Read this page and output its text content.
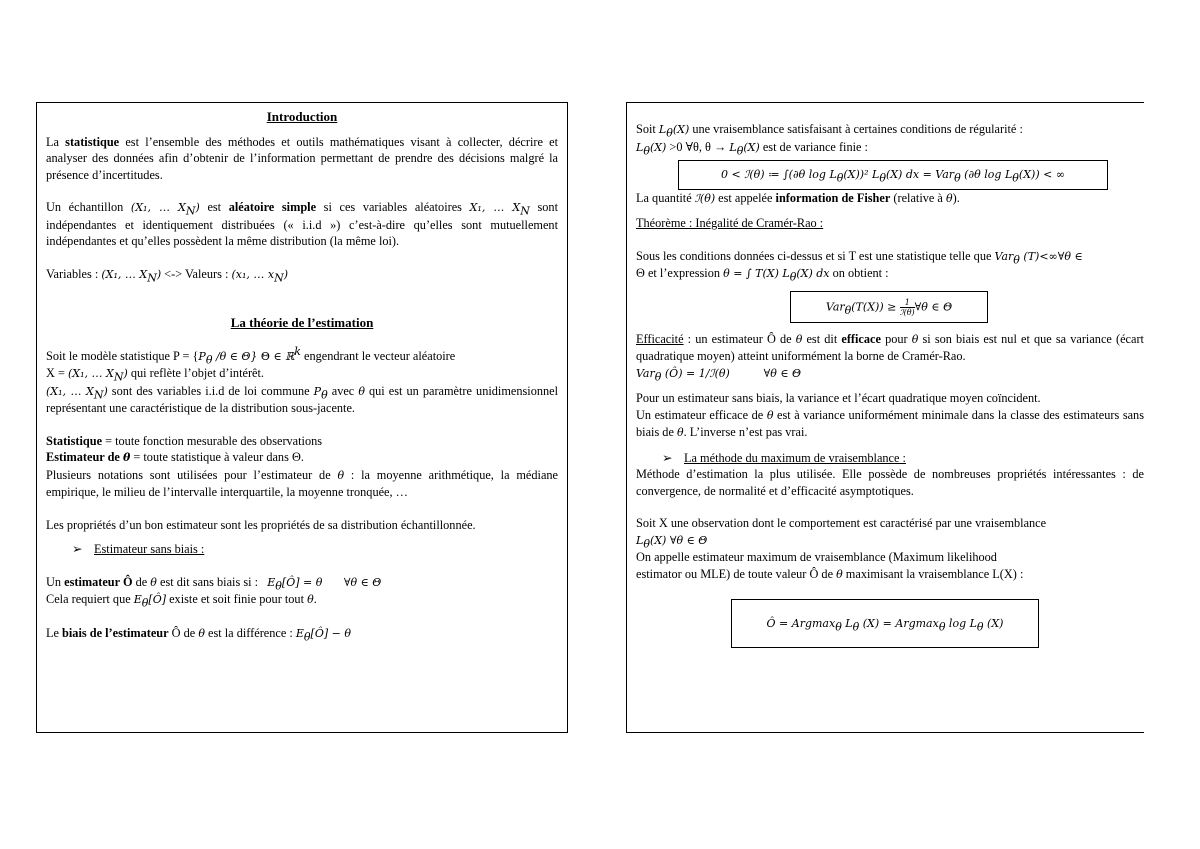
Introduction

La statistique est l’ensemble des méthodes et outils mathématiques visant à collecter, décrire et analyser des données afin d’obtenir de l’information permettant de prendre des décisions malgré la présence d’incertitudes.

Un échantillon (X₁, … $X_N$) est aléatoire simple si ces variables aléatoires X₁, … $X_N$ sont indépendantes et identiquement distribuées (« i.i.d ») c’est-à-dire qu’elles sont mutuellement indépendantes et qu’elles possèdent la même distribution (la même loi).

Variables : (X₁, … $X_N$) <-> Valeurs : (x₁, … $x_N$)

La théorie de l’estimation

Soit le modèle statistique $P = \{P_\theta$ /θ ∈ Θ} Θ ∈ ℝ$^k$ engendrant le vecteur aléatoire
X = (X₁, … $X_N$) qui reflète l’objet d’intérêt.
(X₁, … $X_N$) sont des variables i.i.d de loi commune $P_\theta$ avec θ qui est un paramètre unidimensionnel représentant une caractéristique de la distribution sous-jacente.

Statistique = toute fonction mesurable des observations

Estimateur de θ = toute statistique à valeur dans Θ.

Plusieurs notations sont utilisées pour l’estimateur de θ : la moyenne arithmétique, la médiane empirique, le milieu de l’intervalle interquartile, la moyenne tronquée, …

Les propriétés d’un bon estimateur sont les propriétés de sa distribution échantillonnée.

➢ Estimateur sans biais :

Un estimateur Ô de θ est dit sans biais si :   $E_\theta[Ô] = \theta$ ∀θ ∈ Θ

Cela requiert que $E_\theta[Ô]$ existe et soit finie pour tout θ.

Le biais de l’estimateur Ô de θ est la différence : $E_\theta[Ô] - \theta$

Soit $L_\theta(X)$ une vraisemblance satisfaisant à certaines conditions de régularité :

$L_\theta(X) >0$ ∀θ, $\theta \to L_\theta(X)$ est de variance finie :

0 < ℐ(θ) ≔ ∫(∂θ $\log L_\theta(X))^2$ $L_\theta(X)$ dx = Var$_\theta$ (∂θ $\log L_\theta(X)$) < ∞

La quantité ℐ(θ) est appelée information de Fisher (relative à θ).

Théorème : Inégalité de Cramér-Rao :

Sous les conditions données ci-dessus et si T est une statistique telle que Var$_\theta$ (T)<∞∀θ ∈

Θ et l’expression θ = ∫ T(X) $L_\theta(X)$ dx on obtient :

$Var_\theta(T(X)) \ge \frac{1}{\text{ℐ(θ)}}$ ∀θ ∈ Θ

Efficacité : un estimateur Ô de θ est dit efficace pour θ si son biais est nul et que sa variance (écart quadratique moyen) atteint uniformément la borne de Cramér-Rao.

Var$_\theta$ (Ô) = 1/ℐ(θ)	∀θ ∈ Θ

Pour un estimateur sans biais, la variance et l’écart quadratique moyen coïncident.

Un estimateur efficace de θ est à variance uniformément minimale dans la classe des estimateurs sans biais de θ. L’inverse n’est pas vrai.

➢ La méthode du maximum de vraisemblance :

Méthode d’estimation la plus utilisée. Elle possède de nombreuses propriétés intéressantes : de convergence, de normalité et d’efficacité asymptotiques.

Soit X une observation dont le comportement est caractérisé par une vraisemblance

$L_\theta(X)$ ∀θ ∈ Θ

On appelle estimateur maximum de vraisemblance (Maximum likelihood

estimator ou MLE) de toute valeur Ô de θ maximisant la vraisemblance L(X) :

Ô = Argmax$_\theta$ $L_\theta$ (X) = Argmax$_\theta$ $\log L_\theta$ (X)
